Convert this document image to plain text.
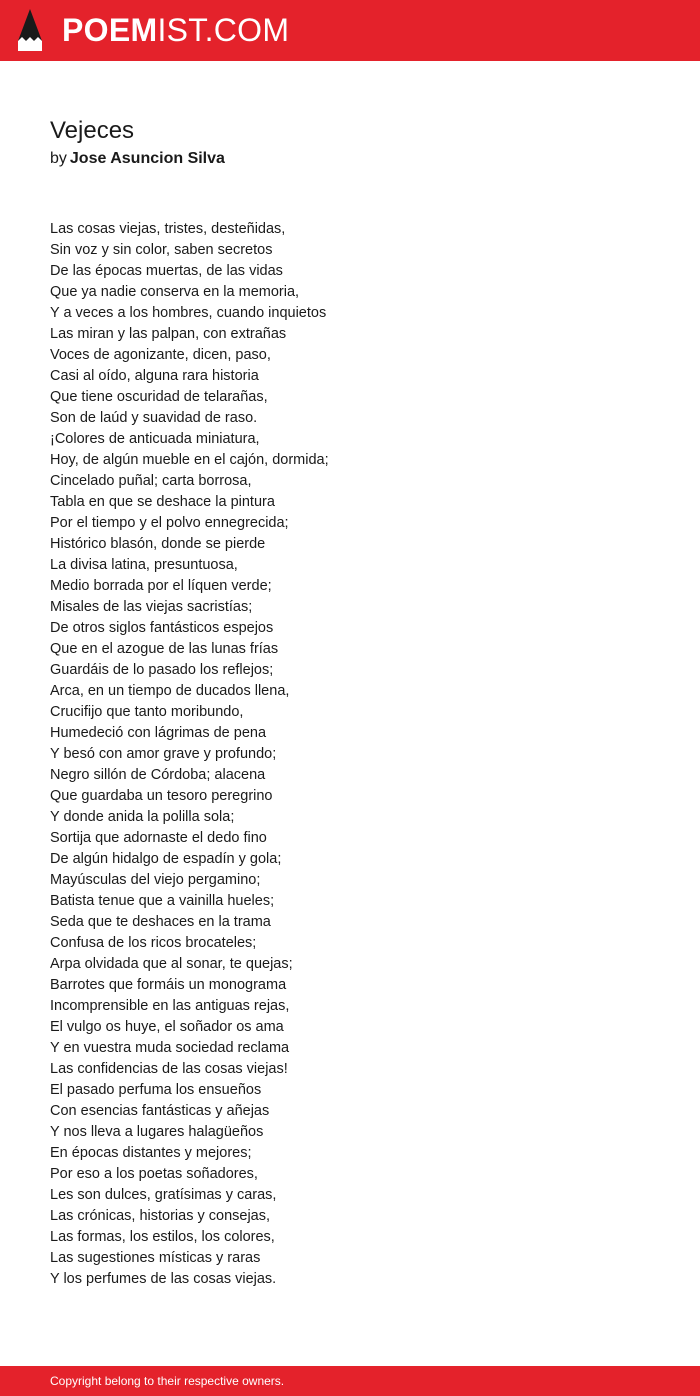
POEMIST.COM
Vejeces
by Jose Asuncion Silva
Las cosas viejas, tristes, desteñidas,
Sin voz y sin color, saben secretos
De las épocas muertas, de las vidas
Que ya nadie conserva en la memoria,
Y a veces a los hombres, cuando inquietos
Las miran y las palpan, con extrañas
Voces de agonizante, dicen, paso,
Casi al oído, alguna rara historia
Que tiene oscuridad de telarañas,
Son de laúd y suavidad de raso.
¡Colores de anticuada miniatura,
Hoy, de algún mueble en el cajón, dormida;
Cincelado puñal; carta borrosa,
Tabla en que se deshace la pintura
Por el tiempo y el polvo ennegrecida;
Histórico blasón, donde se pierde
La divisa latina, presuntuosa,
Medio borrada por el líquen verde;
Misales de las viejas sacristías;
De otros siglos fantásticos espejos
Que en el azogue de las lunas frías
Guardáis de lo pasado los reflejos;
Arca, en un tiempo de ducados llena,
Crucifijo que tanto moribundo,
Humedeció con lágrimas de pena
Y besó con amor grave y profundo;
Negro sillón de Córdoba; alacena
Que guardaba un tesoro peregrino
Y donde anida la polilla sola;
Sortija que adornaste el dedo fino
De algún hidalgo de espadín y gola;
Mayúsculas del viejo pergamino;
Batista tenue que a vainilla hueles;
Seda que te deshaces en la trama
Confusa de los ricos brocateles;
Arpa olvidada que al sonar, te quejas;
Barrotes que formáis un monograma
Incomprensible en las antiguas rejas,
El vulgo os huye, el soñador os ama
Y en vuestra muda sociedad reclama
Las confidencias de las cosas viejas!
El pasado perfuma los ensueños
Con esencias fantásticas y añejas
Y nos lleva a lugares halagüeños
En épocas distantes y mejores;
Por eso a los poetas soñadores,
Les son dulces, gratísimas y caras,
Las crónicas, historias y consejas,
Las formas, los estilos, los colores,
Las sugestiones místicas y raras
Y los perfumes de las cosas viejas.
Copyright belong to their respective owners.
